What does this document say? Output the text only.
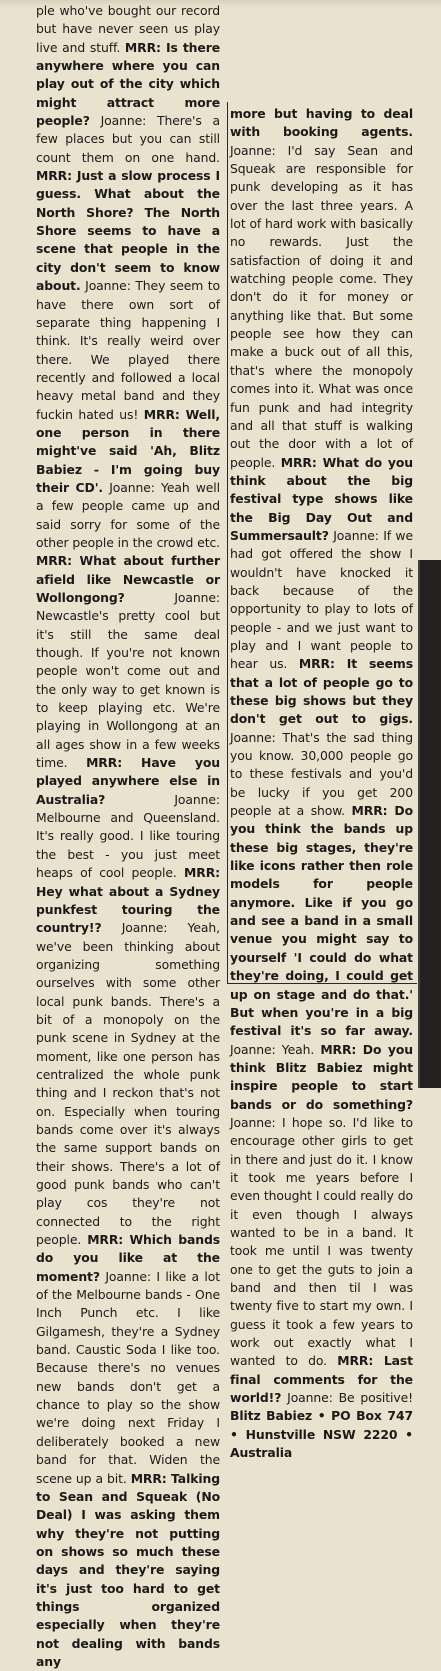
ple who've bought our record but have never seen us play live and stuff. MRR: Is there anywhere where you can play out of the city which might attract more people? Joanne: There's a few places but you can still count them on one hand. MRR: Just a slow process I guess. What about the North Shore? The North Shore seems to have a scene that people in the city don't seem to know about. Joanne: They seem to have there own sort of separate thing happening I think. It's really weird over there. We played there recently and followed a local heavy metal band and they fuckin hated us! MRR: Well, one person in there might've said 'Ah, Blitz Babiez - I'm going buy their CD'. Joanne: Yeah well a few people came up and said sorry for some of the other people in the crowd etc. MRR: What about further afield like Newcastle or Wollongong? Joanne: Newcastle's pretty cool but it's still the same deal though. If you're not known people won't come out and the only way to get known is to keep playing etc. We're playing in Wollongong at an all ages show in a few weeks time. MRR: Have you played anywhere else in Australia? Joanne: Melbourne and Queensland. It's really good. I like touring the best - you just meet heaps of cool people. MRR: Hey what about a Sydney punkfest touring the country!? Joanne: Yeah, we've been thinking about organizing something ourselves with some other local punk bands. There's a bit of a monopoly on the punk scene in Sydney at the moment, like one person has centralized the whole punk thing and I reckon that's not on. Especially when touring bands come over it's always the same support bands on their shows. There's a lot of good punk bands who can't play cos they're not connected to the right people. MRR: Which bands do you like at the moment? Joanne: I like a lot of the Melbourne bands - One Inch Punch etc. I like Gilgamesh, they're a Sydney band. Caustic Soda I like too. Because there's no venues new bands don't get a chance to play so the show we're doing next Friday I deliberately booked a new band for that. Widen the scene up a bit. MRR: Talking to Sean and Squeak (No Deal) I was asking them why they're not putting on shows so much these days and they're saying it's just too hard to get things organized especially when they're not dealing with bands any

more but having to deal with booking agents. Joanne: I'd say Sean and Squeak are responsible for punk developing as it has over the last three years. A lot of hard work with basically no rewards. Just the satisfaction of doing it and watching people come. They don't do it for money or anything like that. But some people see how they can make a buck out of all this, that's where the monopoly comes into it. What was once fun punk and had integrity and all that stuff is walking out the door with a lot of people. MRR: What do you think about the big festival type shows like the Big Day Out and Summersault? Joanne: If we had got offered the show I wouldn't have knocked it back because of the opportunity to play to lots of people - and we just want to play and I want people to hear us. MRR: It seems that a lot of people go to these big shows but they don't get out to gigs. Joanne: That's the sad thing you know. 30,000 people go to these festivals and you'd be lucky if you get 200 people at a show. MRR: Do you think the bands up these big stages, they're like icons rather then role models for people anymore. Like if you go and see a band in a small venue you might say to yourself 'I could do what they're doing, I could get up on stage and do that.' But when you're in a big festival it's so far away. Joanne: Yeah. MRR: Do you think Blitz Babiez might inspire people to start bands or do something? Joanne: I hope so. I'd like to encourage other girls to get in there and just do it. I know it took me years before I even thought I could really do it even though I always wanted to be in a band. It took me until I was twenty one to get the guts to join a band and then til I was twenty five to start my own. I guess it took a few years to work out exactly what I wanted to do. MRR: Last final comments for the world!? Joanne: Be positive! Blitz Babiez • PO Box 747 • Hunstville NSW 2220 • Australia
